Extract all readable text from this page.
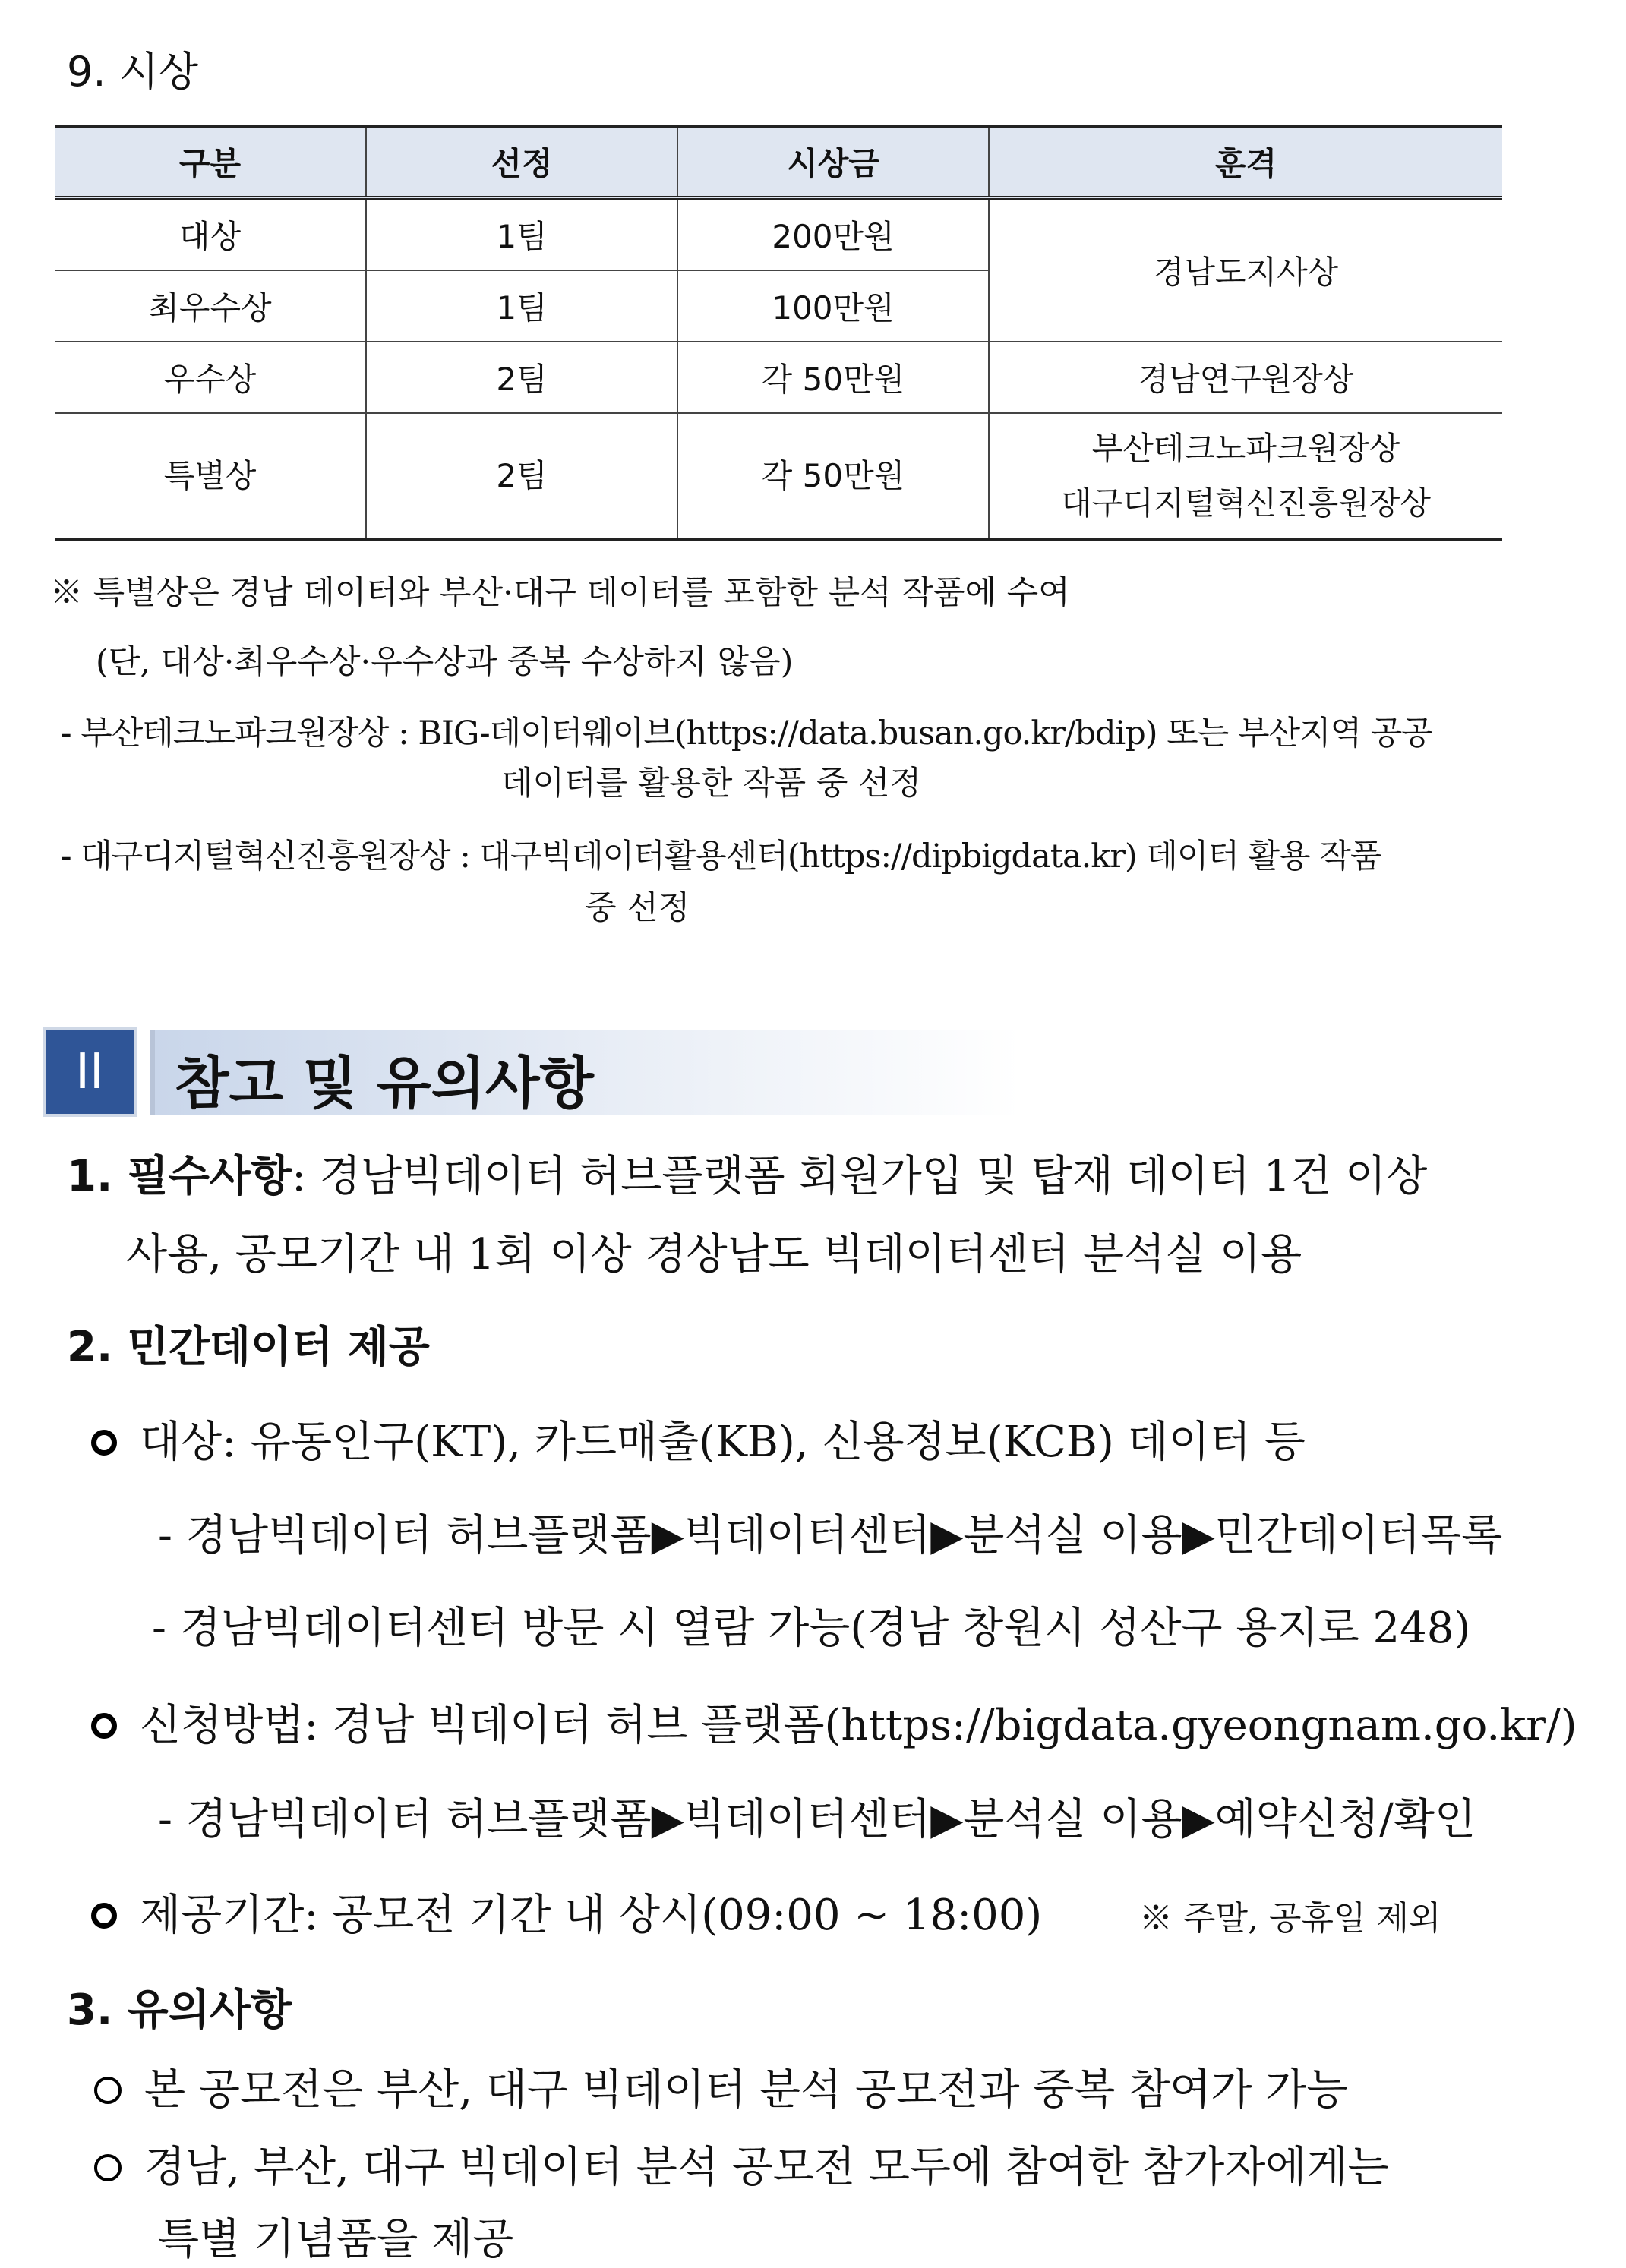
9. 시상
구분	선정	시상금	훈격
대상	1팀	200만원	경남도지사상
최우수상	1팀	100만원	
우수상	2팀	각 50만원	경남연구원장상
특별상	2팀	각 50만원	부산테크노파크원장상
대구디지털혁신진흥원장상
※ 특별상은 경남 데이터와 부산·대구 데이터를 포함한 분석 작품에 수여
(단, 대상·최우수상·우수상과 중복 수상하지 않음)
- 부산테크노파크원장상 : BIG-데이터웨이브(https://data.busan.go.kr/bdip) 또는 부산지역 공공
데이터를 활용한 작품 중 선정
- 대구디지털혁신진흥원장상 : 대구빅데이터활용센터(https://dipbigdata.kr) 데이터 활용 작품
중 선정
II	참고 및 유의사항
1. 필수사항: 경남빅데이터 허브플랫폼 회원가입 및 탑재 데이터 1건 이상
사용, 공모기간 내 1회 이상 경상남도 빅데이터센터 분석실 이용
2. 민간데이터 제공
대상: 유동인구(KT), 카드매출(KB), 신용정보(KCB) 데이터 등
- 경남빅데이터 허브플랫폼▶빅데이터센터▶분석실 이용▶민간데이터목록
- 경남빅데이터센터 방문 시 열람 가능(경남 창원시 성산구 용지로 248)
신청방법: 경남 빅데이터 허브 플랫폼(https://bigdata.gyeongnam.go.kr/)
- 경남빅데이터 허브플랫폼▶빅데이터센터▶분석실 이용▶예약신청/확인
제공기간: 공모전 기간 내 상시(09:00 ~ 18:00)	※ 주말, 공휴일 제외
3. 유의사항
본 공모전은 부산, 대구 빅데이터 분석 공모전과 중복 참여가 가능
경남, 부산, 대구 빅데이터 분석 공모전 모두에 참여한 참가자에게는
특별 기념품을 제공
